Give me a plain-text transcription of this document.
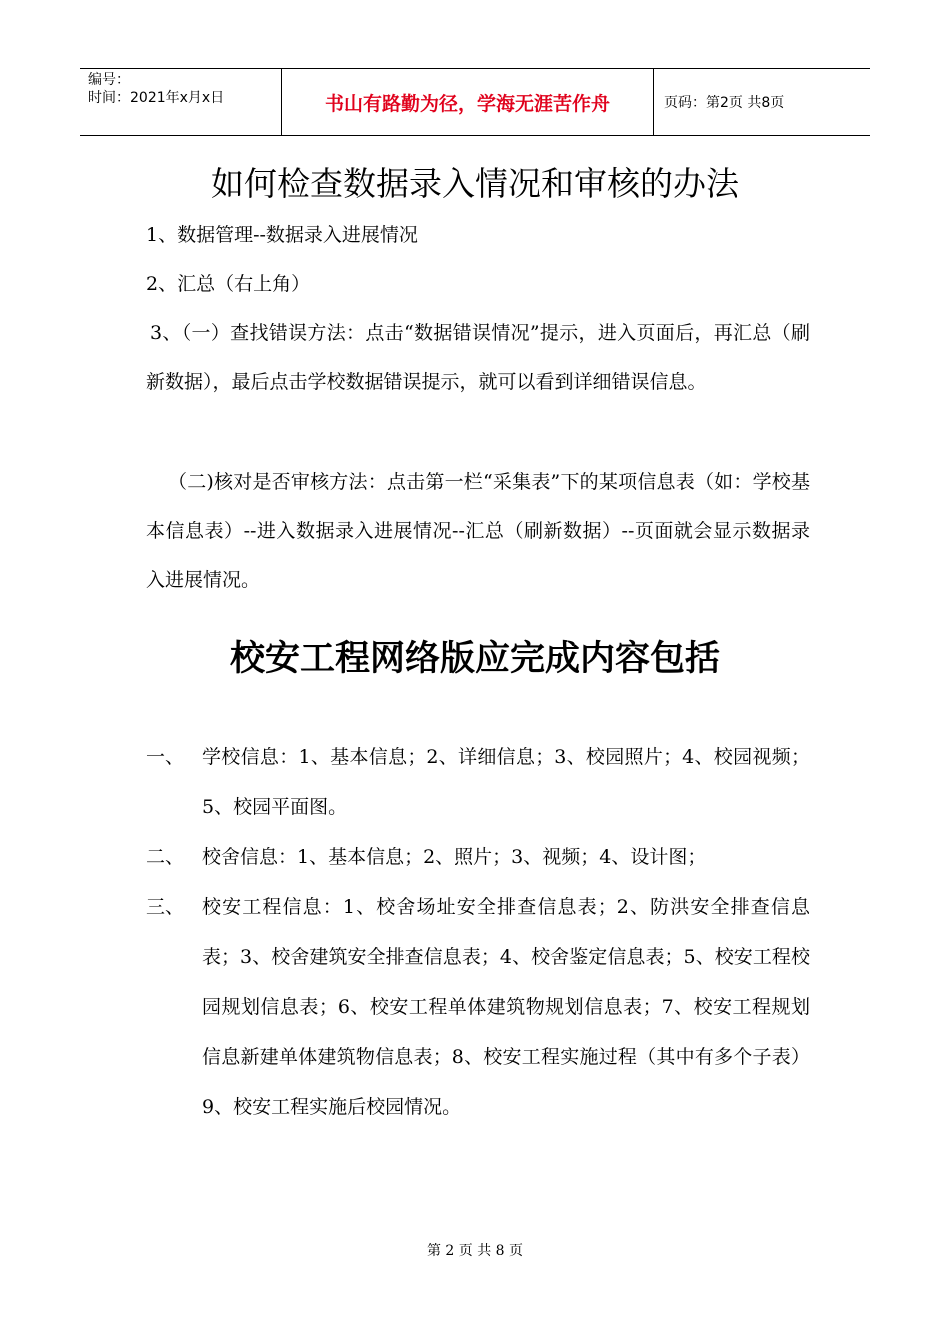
编号：
时间：2021年x月x日	书山有路勤为径，学海无涯苦作舟	页码：第2页 共8页
如何检查数据录入情况和审核的办法

1、数据管理--数据录入进展情况

2、汇总（右上角）

3、（一）查找错误方法：点击“数据错误情况”提示，进入页面后，再汇总（刷新数据），最后点击学校数据错误提示，就可以看到详细错误信息。

（二)核对是否审核方法：点击第一栏“采集表”下的某项信息表（如：学校基本信息表）--进入数据录入进展情况--汇总（刷新数据）--页面就会显示数据录入进展情况。

校安工程网络版应完成内容包括
一、 学校信息：1、基本信息；2、详细信息；3、校园照片；4、校园视频；5、校园平面图。
二、 校舍信息：1、基本信息；2、照片；3、视频；4、设计图；
三、 校安工程信息：1、校舍场址安全排查信息表；2、防洪安全排查信息表；3、校舍建筑安全排查信息表；4、校舍鉴定信息表；5、校安工程校园规划信息表；6、校安工程单体建筑物规划信息表；7、校安工程规划信息新建单体建筑物信息表；8、校安工程实施过程（其中有多个子表）9、校安工程实施后校园情况。
第 2 页 共 8 页
